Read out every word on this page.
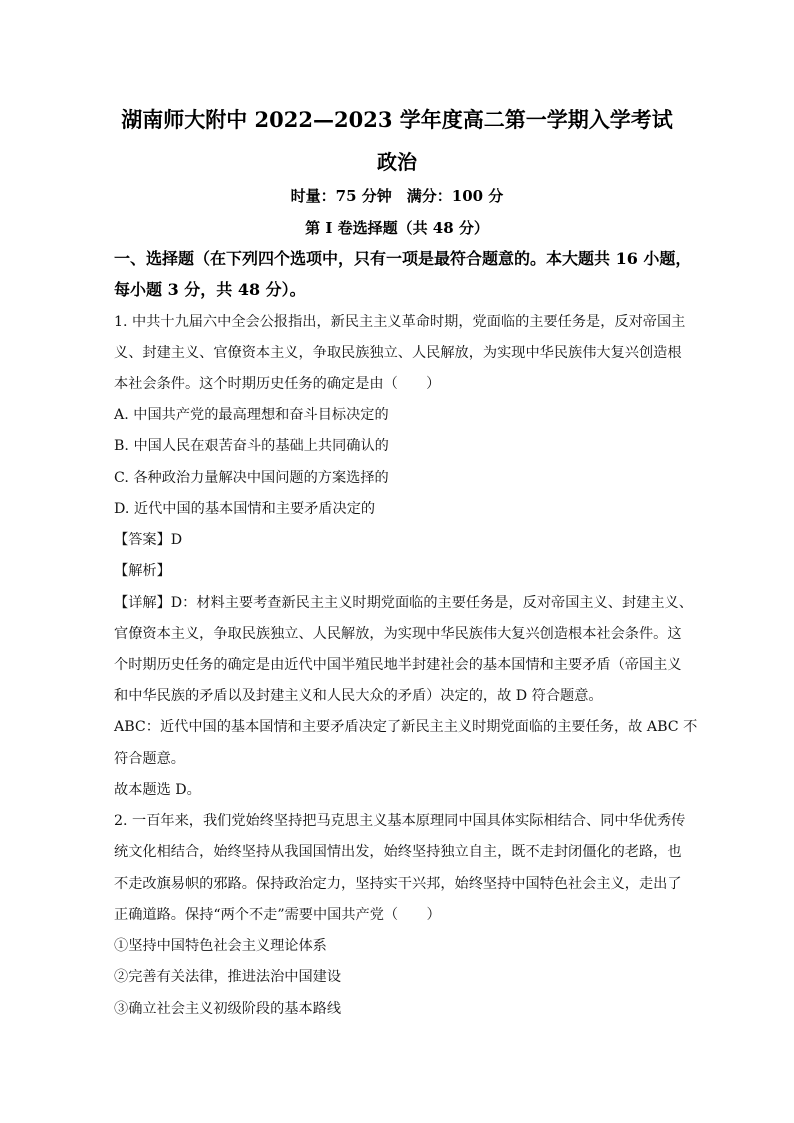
湖南师大附中 2022—2023 学年度高二第一学期入学考试
政治
时量：75 分钟　满分：100 分
第 I 卷选择题（共 48 分）
一、选择题（在下列四个选项中，只有一项是最符合题意的。本大题共 16 小题，
每小题 3 分，共 48 分）。
1. 中共十九届六中全会公报指出，新民主主义革命时期，党面临的主要任务是，反对帝国主
义、封建主义、官僚资本主义，争取民族独立、人民解放，为实现中华民族伟大复兴创造根
本社会条件。这个时期历史任务的确定是由（　　）
A. 中国共产党的最高理想和奋斗目标决定的
B. 中国人民在艰苦奋斗的基础上共同确认的
C. 各种政治力量解决中国问题的方案选择的
D. 近代中国的基本国情和主要矛盾决定的
【答案】D
【解析】
【详解】D：材料主要考查新民主主义时期党面临的主要任务是，反对帝国主义、封建主义、
官僚资本主义，争取民族独立、人民解放，为实现中华民族伟大复兴创造根本社会条件。这
个时期历史任务的确定是由近代中国半殖民地半封建社会的基本国情和主要矛盾（帝国主义
和中华民族的矛盾以及封建主义和人民大众的矛盾）决定的，故 D 符合题意。
ABC：近代中国的基本国情和主要矛盾决定了新民主主义时期党面临的主要任务，故 ABC 不
符合题意。
故本题选 D。
2. 一百年来，我们党始终坚持把马克思主义基本原理同中国具体实际相结合、同中华优秀传
统文化相结合，始终坚持从我国国情出发，始终坚持独立自主，既不走封闭僵化的老路，也
不走改旗易帜的邪路。保持政治定力，坚持实干兴邦，始终坚持中国特色社会主义，走出了
正确道路。保持“两个不走”需要中国共产党（　　）
①坚持中国特色社会主义理论体系
②完善有关法律，推进法治中国建设
③确立社会主义初级阶段的基本路线
